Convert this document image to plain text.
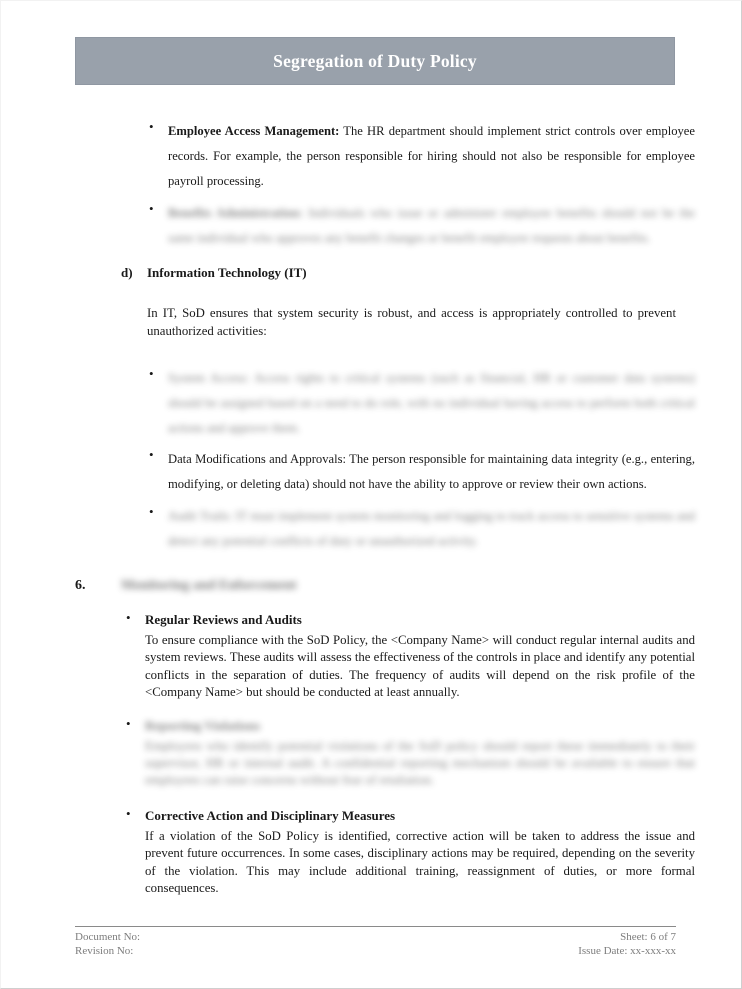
Segregation of Duty Policy
• Employee Access Management: The HR department should implement strict controls over employee records. For example, the person responsible for hiring should not also be responsible for employee payroll processing.

• Benefits Administration: Individuals who issue or administer employee benefits should not be the same individual who approves any benefit changes or benefit employee requests about benefits.

d) Information Technology (IT)

In IT, SoD ensures that system security is robust, and access is appropriately controlled to prevent unauthorized activities:

• System Access: Access rights to critical systems (such as financial, HR or customer data systems) should be assigned based on a need to do role, with no individual having access to perform both critical actions and approve them.

• Data Modifications and Approvals: The person responsible for maintaining data integrity (e.g., entering, modifying, or deleting data) should not have the ability to approve or review their own actions.

• Audit Trails: IT must implement system monitoring and logging to track access to sensitive systems and detect any potential conflicts of duty or unauthorized activity.

6.	Monitoring and Enforcement
• Regular Reviews and Audits
To ensure compliance with the SoD Policy, the <Company Name> will conduct regular internal audits and system reviews. These audits will assess the effectiveness of the controls in place and identify any potential conflicts in the separation of duties. The frequency of audits will depend on the risk profile of the <Company Name> but should be conducted at least annually.
• Reporting Violations
Employees who identify potential violations of the SoD policy should report these immediately to their supervisor, HR or internal audit. A confidential reporting mechanism should be available to ensure that employees can raise concerns without fear of retaliation.
• Corrective Action and Disciplinary Measures
If a violation of the SoD Policy is identified, corrective action will be taken to address the issue and prevent future occurrences. In some cases, disciplinary actions may be required, depending on the severity of the violation. This may include additional training, reassignment of duties, or more formal consequences.
Document No:	Sheet: 6 of 7
Revision No:	Issue Date: xx-xxx-xx
